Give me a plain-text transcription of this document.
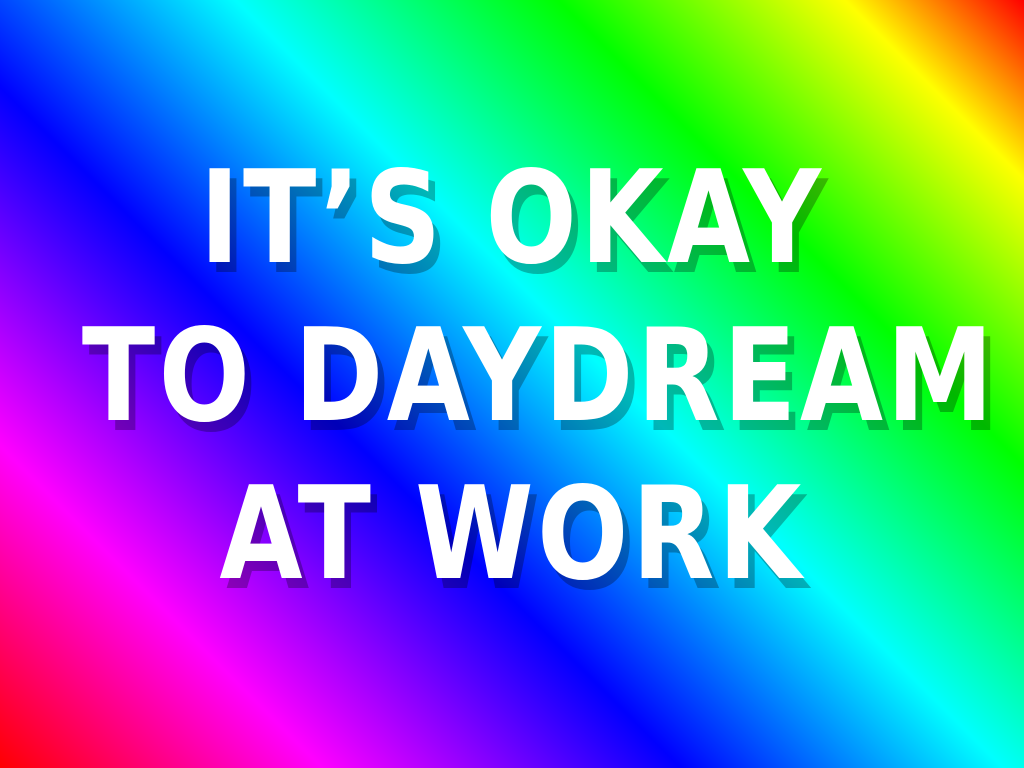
IT’S OKAY
TO DAYDREAM
AT WORK
